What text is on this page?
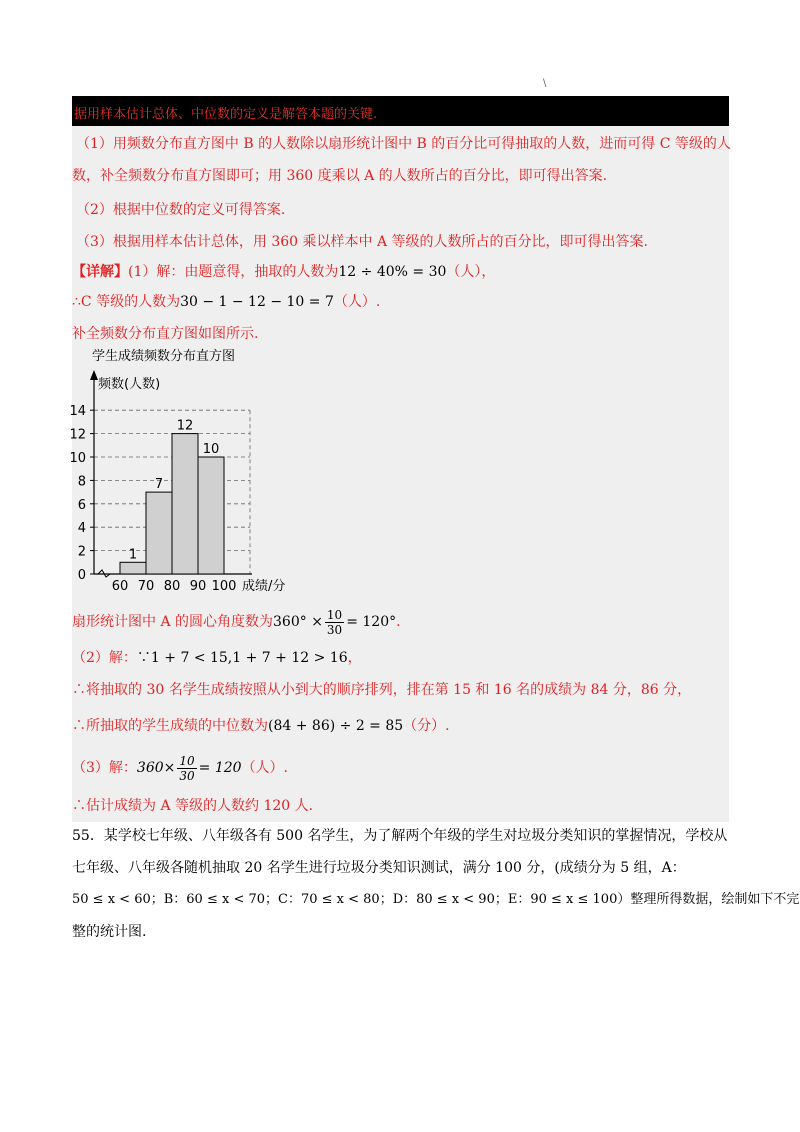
\
据用样本估计总体、中位数的定义是解答本题的关键.
（1）用频数分布直方图中 B 的人数除以扇形统计图中 B 的百分比可得抽取的人数，进而可得 C 等级的人
数，补全频数分布直方图即可；用 360 度乘以 A 的人数所占的百分比，即可得出答案.
（2）根据中位数的定义可得答案.
（3）根据用样本估计总体，用 360 乘以样本中 A 等级的人数所占的百分比，即可得出答案.
【详解】(1）解：由题意得，抽取的人数为12 ÷ 40% = 30（人），
∴C 等级的人数为30 − 1 − 12 − 10 = 7（人）.
补全频数分布直方图如图所示.
学生成绩频数分布直方图
频数(人数)
0
2
4
6
8
10
12
14
1
7
12
10
60 70 80 90 100 成绩/分
扇形统计图中 A 的圆心角度数为$360^\circ \times \frac{10}{30} = 120^\circ$.
（2）解：∵1 + 7 < 15,1 + 7 + 12 > 16，
∴将抽取的 30 名学生成绩按照从小到大的顺序排列，排在第 15 和 16 名的成绩为 84 分，86 分，
∴所抽取的学生成绩的中位数为(84 + 86) ÷ 2 = 85（分）.
（3）解：$360\times \frac{10}{30} = 120$（人）.
∴估计成绩为 A 等级的人数约 120 人.
55．某学校七年级、八年级各有 500 名学生，为了解两个年级的学生对垃圾分类知识的掌握情况，学校从
七年级、八年级各随机抽取 20 名学生进行垃圾分类知识测试，满分 100 分，(成绩分为 5 组，A：
50 ≤ x < 60；B：60 ≤ x < 70；C：70 ≤ x < 80；D：80 ≤ x < 90；E：90 ≤ x ≤ 100）整理所得数据，绘制如下不完
整的统计图.
